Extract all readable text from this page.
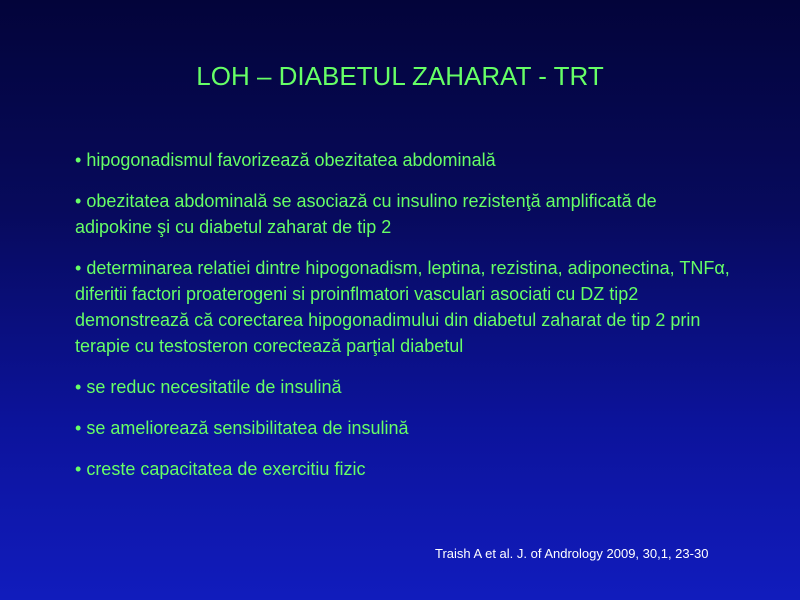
LOH – DIABETUL ZAHARAT - TRT
• hipogonadismul favorizează obezitatea abdominală
• obezitatea abdominală se asociază cu insulino rezistenţă amplificată de adipokine şi cu diabetul zaharat de tip 2
• determinarea relatiei dintre hipogonadism, leptina, rezistina, adiponectina, TNFα, diferitii factori proaterogeni si proinflmatori vasculari asociati cu DZ tip2 demonstrează că corectarea hipogonadimului din diabetul zaharat de tip 2 prin terapie cu testosteron corectează parţial diabetul
• se reduc necesitatile de insulină
• se ameliorează sensibilitatea de insulină
• creste capacitatea de exercitiu fizic

Traish A et al. J. of Andrology 2009, 30,1, 23-30
